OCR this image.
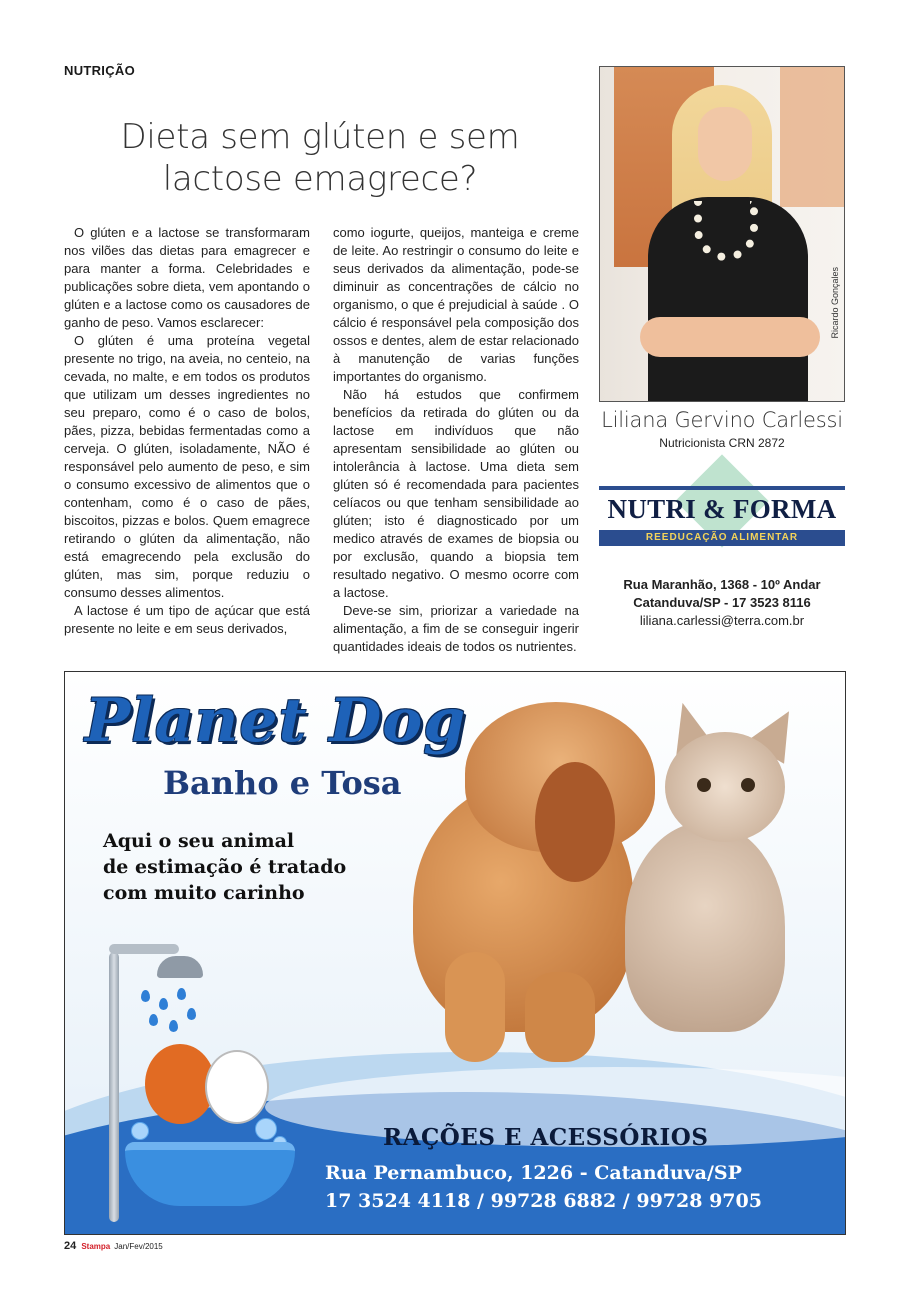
NUTRIÇÃO
Dieta sem glúten e sem
lactose emagrece?

O glúten e a lactose se transformaram nos vilões das dietas para emagrecer e para manter a forma. Celebridades e publicações sobre dieta, vem apontando o glúten e a lactose como os causadores de ganho de peso. Vamos esclarecer:

O glúten é uma proteína vegetal presente no trigo, na aveia, no centeio, na cevada, no malte, e em todos os produtos que utilizam um desses ingredientes no seu preparo, como é o caso de bolos, pães, pizza, bebidas fermentadas como a cerveja. O glúten, isoladamente, NÃO é responsável pelo aumento de peso, e sim o consumo excessivo de alimentos que o contenham, como é o caso de pães, biscoitos, pizzas e bolos. Quem emagrece retirando o glúten da alimentação, não está emagrecendo pela exclusão do glúten, mas sim, porque reduziu o consumo desses alimentos.

A lactose é um tipo de açúcar que está presente no leite e em seus derivados,

como iogurte, queijos, manteiga e creme de leite. Ao restringir o consumo do leite e seus derivados da alimentação, pode-se diminuir as concentrações de cálcio no organismo, o que é prejudicial à saúde . O cálcio é responsável pela composição dos ossos e dentes, alem de estar relacionado à manutenção de varias funções importantes do organismo.

Não há estudos que confirmem benefícios da retirada do glúten ou da lactose em indivíduos que não apresentam sensibilidade ao glúten ou intolerância à lactose. Uma dieta sem glúten só é recomendada para pacientes celíacos ou que tenham sensibilidade ao glúten; isto é diagnosticado por um medico através de exames de biopsia ou por exclusão, quando a biopsia tem resultado negativo. O mesmo ocorre com a lactose.

Deve-se sim, priorizar a variedade na alimentação, a fim de se conseguir ingerir quantidades ideais de todos os nutrientes.

Ricardo Gonçales
Liliana Gervino Carlessi
Nutricionista CRN 2872
NUTRI & FORMA
REEDUCAÇÃO ALIMENTAR
Rua Maranhão, 1368 - 10º Andar
Catanduva/SP - 17 3523 8116
liliana.carlessi@terra.com.br
Planet Dog
Banho e Tosa
Aqui o seu animal
de estimação é tratado
com muito carinho
RAÇÕES E ACESSÓRIOS
Rua Pernambuco, 1226 - Catanduva/SP
17 3524 4118 / 99728 6882 / 99728 9705
24 Stampa Jan/Fev/2015
